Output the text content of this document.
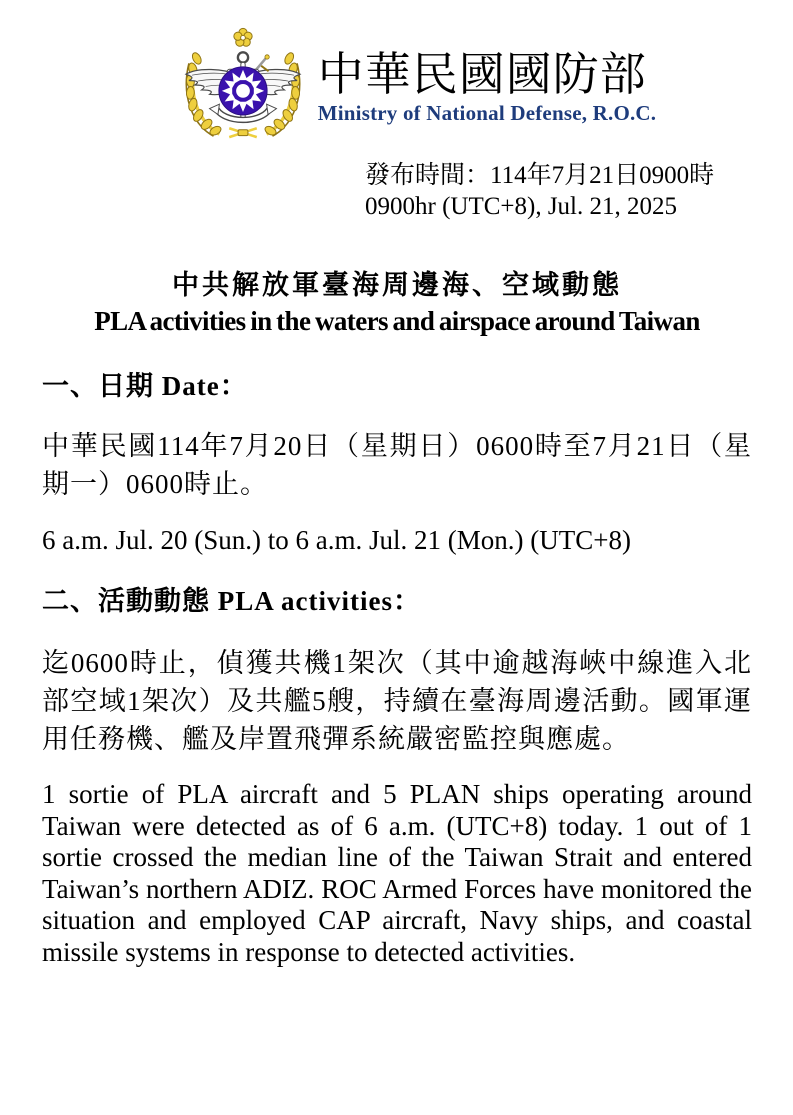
中華民國國防部
Ministry of National Defense, R.O.C.
發布時間：114年7月21日0900時
0900hr (UTC+8), Jul. 21, 2025
中共解放軍臺海周邊海、空域動態
PLA activities in the waters and airspace around Taiwan
一、日期 Date：

中華民國114年7月20日（星期日）0600時至7月21日（星期一）0600時止。

6 a.m. Jul. 20 (Sun.) to 6 a.m. Jul. 21 (Mon.) (UTC+8)

二、活動動態 PLA activities：

迄0600時止，偵獲共機1架次（其中逾越海峽中線進入北部空域1架次）及共艦5艘，持續在臺海周邊活動。國軍運用任務機、艦及岸置飛彈系統嚴密監控與應處。

1 sortie of PLA aircraft and 5 PLAN ships operating around Taiwan were detected as of 6 a.m. (UTC+8) today. 1 out of 1 sortie crossed the median line of the Taiwan Strait and entered Taiwan’s northern ADIZ. ROC Armed Forces have monitored the situation and employed CAP aircraft, Navy ships, and coastal missile systems in response to detected activities.
